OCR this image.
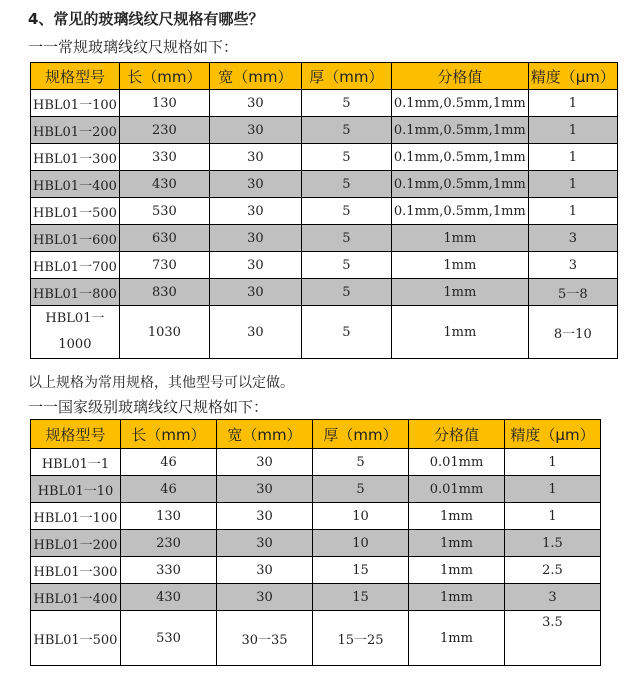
4、常见的玻璃线纹尺规格有哪些？
一一常规玻璃线纹尺规格如下：
规格型号	长（mm）	宽（mm）	厚（mm）	分格值	精度（μm）
HBL01一100	130	30	5	0.1mm,0.5mm,1mm	1
HBL01一200	230	30	5	0.1mm,0.5mm,1mm	1
HBL01一300	330	30	5	0.1mm,0.5mm,1mm	1
HBL01一400	430	30	5	0.1mm,0.5mm,1mm	1
HBL01一500	530	30	5	0.1mm,0.5mm,1mm	1
HBL01一600	630	30	5	1mm	3
HBL01一700	730	30	5	1mm	3
HBL01一800	830	30	5	1mm	5一8
HBL01一1000	1030	30	5	1mm	8一10
以上规格为常用规格，其他型号可以定做。
一一国家级别玻璃线纹尺规格如下：
规格型号	长（mm）	宽（mm）	厚（mm）	分格值	精度（μm）
HBL01一1	46	30	5	0.01mm	1
HBL01一10	46	30	5	0.01mm	1
HBL01一100	130	30	10	1mm	1
HBL01一200	230	30	10	1mm	1.5
HBL01一300	330	30	15	1mm	2.5
HBL01一400	430	30	15	1mm	3
HBL01一500	530	30一35	15一25	1mm	3.5
